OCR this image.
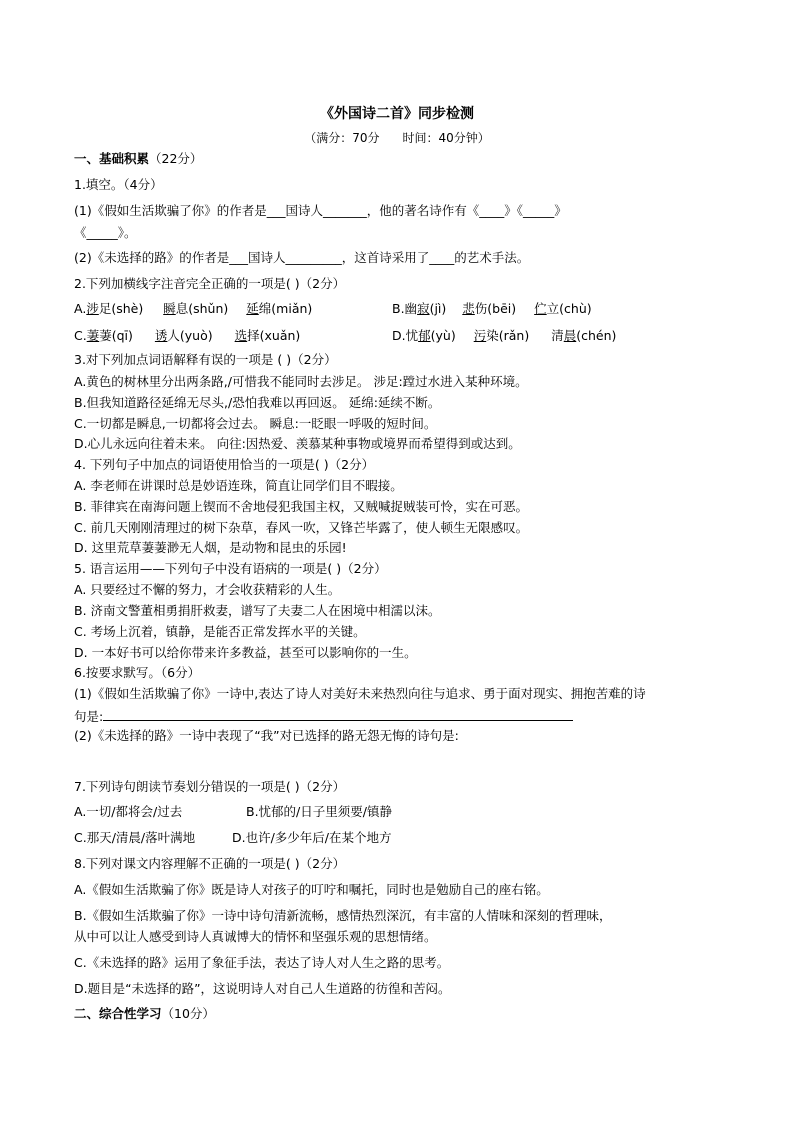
《外国诗二首》同步检测
（满分：70分      时间：40分钟）
一、基础积累（22分）
1.填空。（4分）
(1)《假如生活欺骗了你》的作者是___国诗人_______，他的著名诗作有《____》《_____》
《_____》。
(2)《未选择的路》的作者是___国诗人_________，这首诗采用了____的艺术手法。
2.下列加横线字注音完全正确的一项是( )（2分）
A.涉足(shè) 瞬息(shǔn) 延绵(miǎn)	B.幽寂(jì) 悲伤(bēi) 伫立(chù)
C.萋萋(qī) 诱人(yuò) 选择(xuǎn)	D.忧郁(yù) 污染(rǎn) 清晨(chén)
3.对下列加点词语解释有误的一项是 ( )（2分）
A.黄色的树林里分出两条路,/可惜我不能同时去涉足。 涉足:蹚过水进入某种环境。
B.但我知道路径延绵无尽头,/恐怕我难以再回返。 延绵:延续不断。
C.一切都是瞬息,一切都将会过去。 瞬息:一眨眼一呼吸的短时间。
D.心儿永远向往着未来。 向往:因热爱、羡慕某种事物或境界而希望得到或达到。
4. 下列句子中加点的词语使用恰当的一项是( )（2分）
A. 李老师在讲课时总是妙语连珠，简直让同学们目不暇接。
B. 菲律宾在南海问题上锲而不舍地侵犯我国主权，又贼喊捉贼装可怜，实在可恶。
C. 前几天刚刚清理过的树下杂草，春风一吹，又锋芒毕露了，使人顿生无限感叹。
D. 这里荒草萋萋渺无人烟，是动物和昆虫的乐园!
5. 语言运用——下列句子中没有语病的一项是( )（2分）
A. 只要经过不懈的努力，才会收获精彩的人生。
B. 济南文警董相勇捐肝救妻，谱写了夫妻二人在困境中相濡以沫。
C. 考场上沉着，镇静，是能否正常发挥水平的关键。
D. 一本好书可以给你带来许多教益，甚至可以影响你的一生。
6.按要求默写。（6分）
(1)《假如生活欺骗了你》一诗中,表达了诗人对美好未来热烈向往与追求、勇于面对现实、拥抱苦难的诗
句是:
(2)《未选择的路》一诗中表现了“我”对已选择的路无怨无悔的诗句是:
7.下列诗句朗读节奏划分错误的一项是( )（2分）
A.一切/都将会/过去	B.忧郁的/日子里须要/镇静
C.那天/清晨/落叶满地	D.也许/多少年后/在某个地方
8.下列对课文内容理解不正确的一项是( )（2分）
A.《假如生活欺骗了你》既是诗人对孩子的叮咛和嘱托，同时也是勉励自己的座右铭。
B.《假如生活欺骗了你》一诗中诗句清新流畅，感情热烈深沉，有丰富的人情味和深刻的哲理味，
从中可以让人感受到诗人真诚博大的情怀和坚强乐观的思想情绪。
C.《未选择的路》运用了象征手法，表达了诗人对人生之路的思考。
D.题目是“未选择的路”，这说明诗人对自己人生道路的彷徨和苦闷。
二、综合性学习（10分）
